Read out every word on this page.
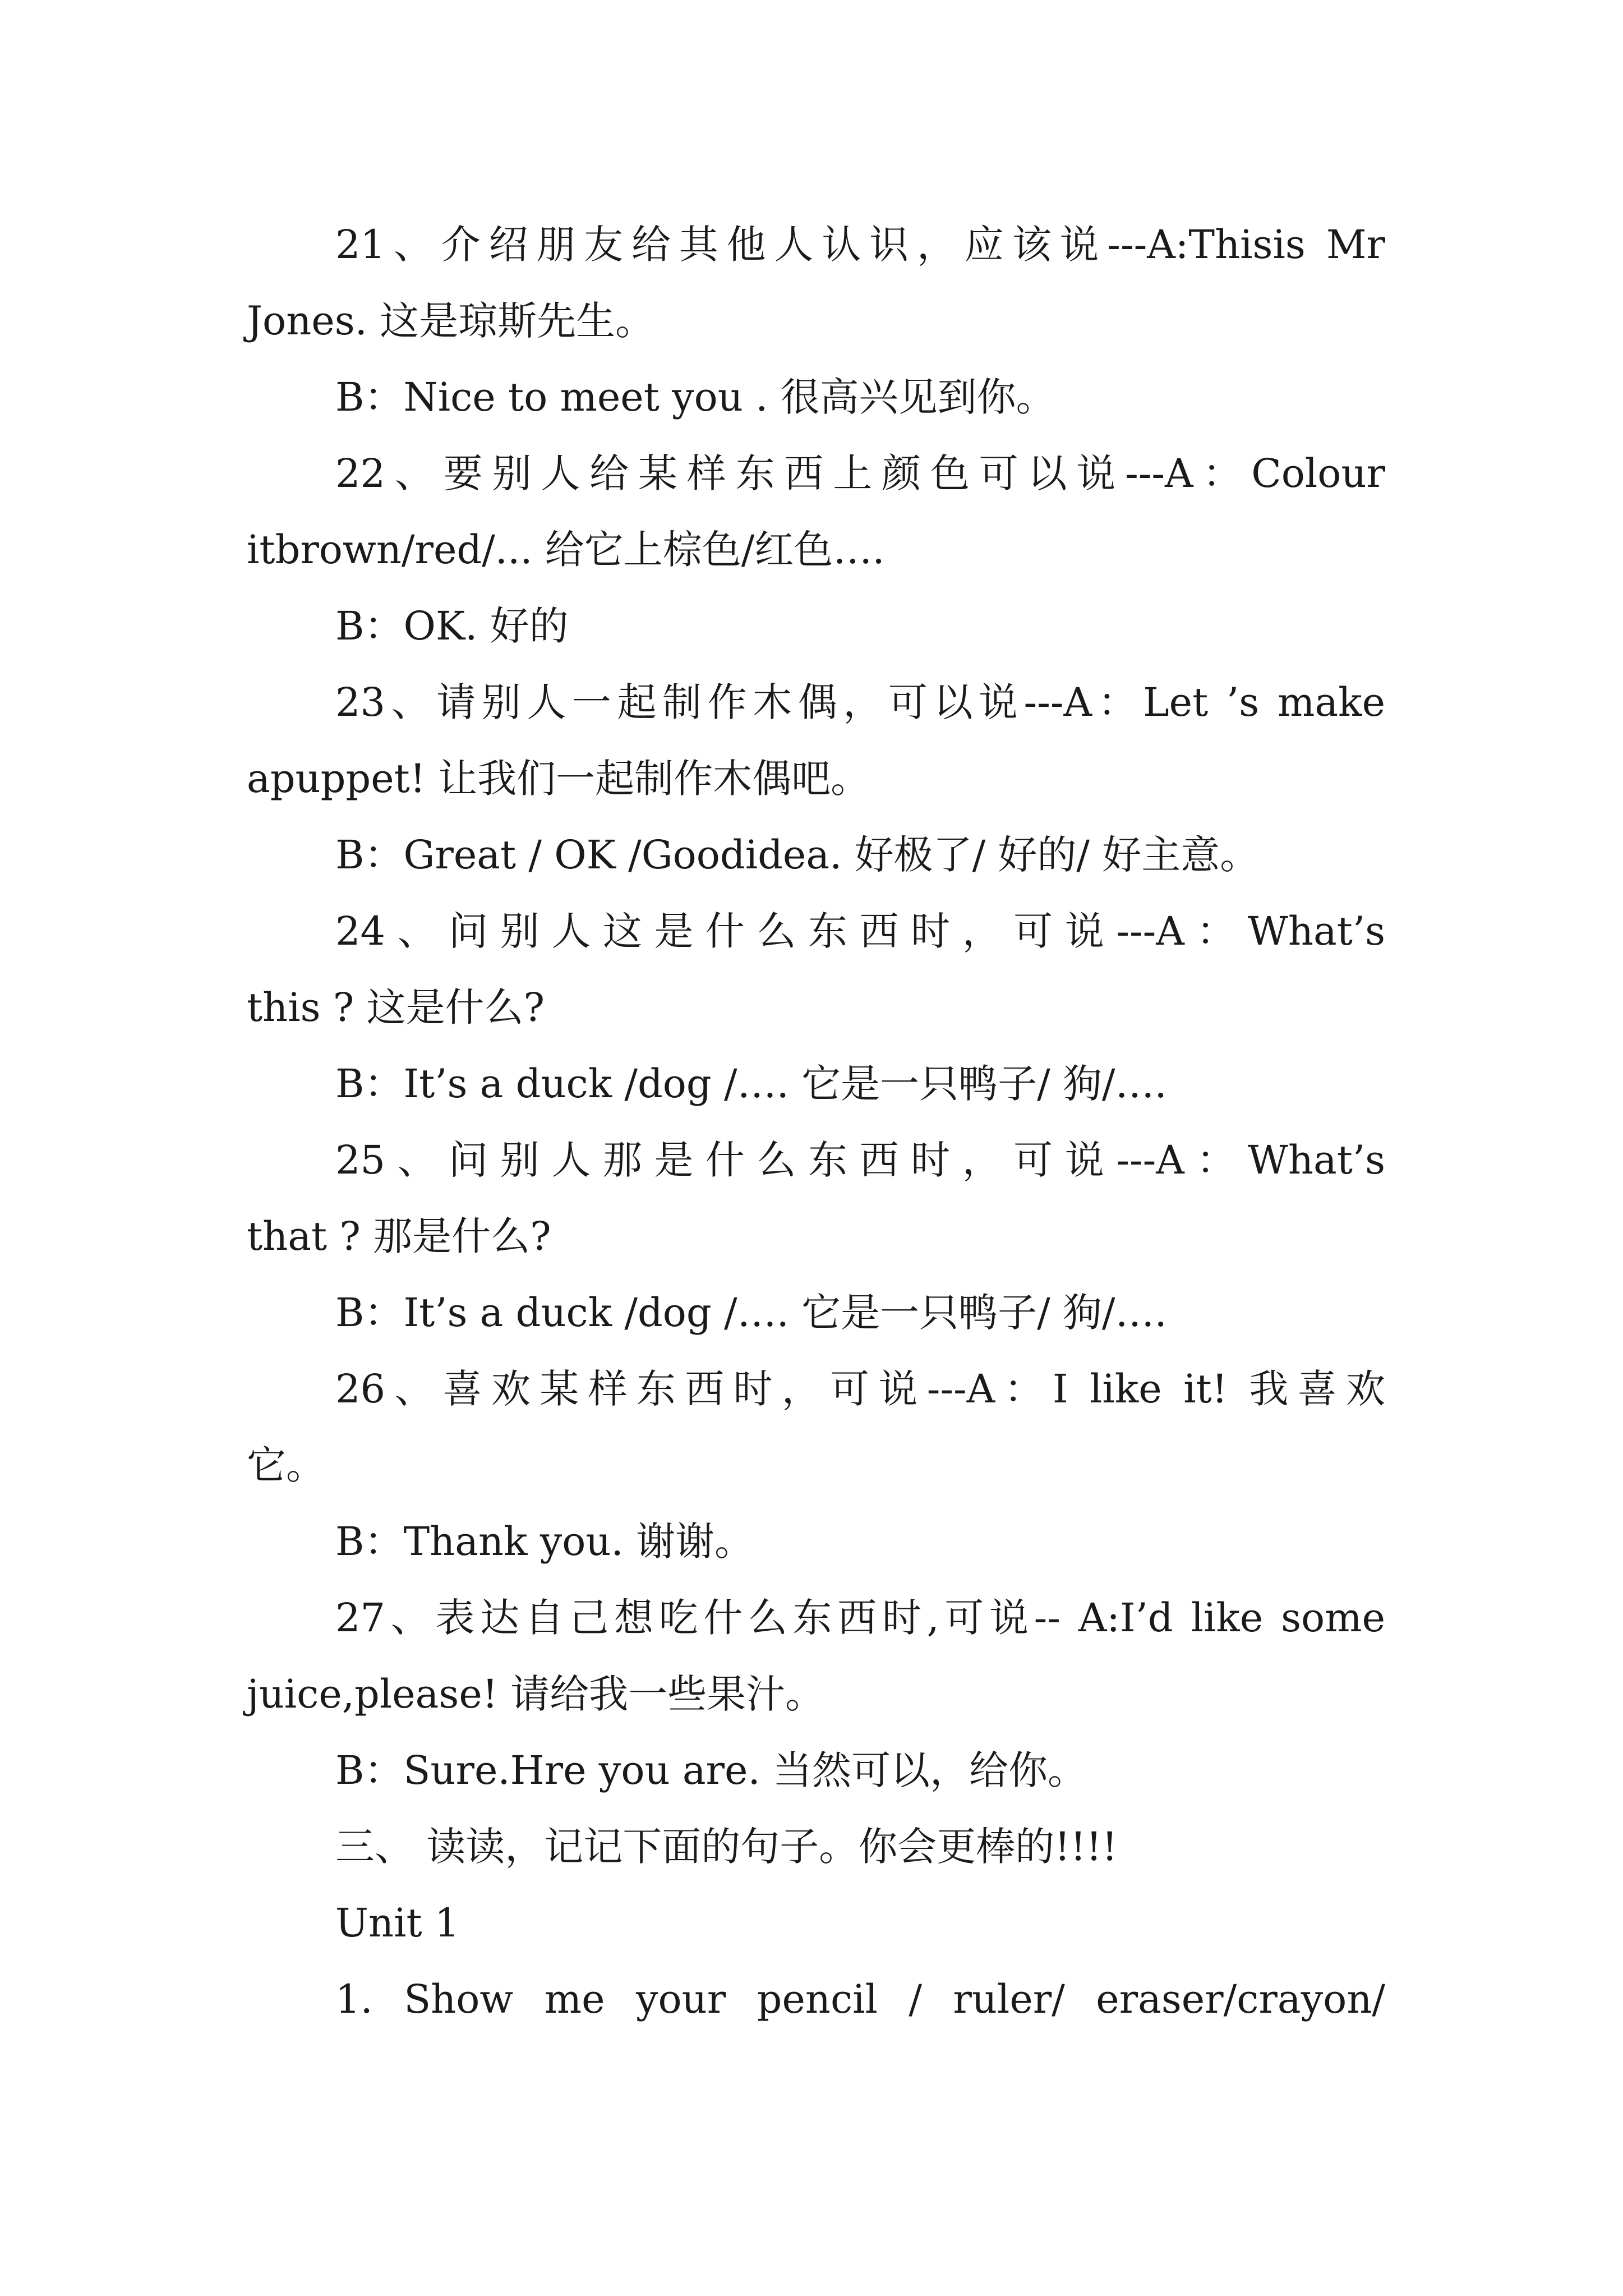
21、介绍朋友给其他人认识，应该说---A:Thisis Mr
Jones. 这是琼斯先生。
B：Nice to meet you . 很高兴见到你。
22、要别人给某样东西上颜色可以说---A：Colour
itbrown/red/... 给它上棕色/红色….
B：OK. 好的
23、请别人一起制作木偶，可以说---A：Let ’s make
apuppet! 让我们一起制作木偶吧。
B：Great / OK /Goodidea. 好极了/ 好的/ 好主意。
24、问别人这是什么东西时，可说---A：What’s
this ? 这是什么?
B：It’s a duck /dog /…. 它是一只鸭子/ 狗/….
25、问别人那是什么东西时，可说---A：What’s
that ? 那是什么?
B：It’s a duck /dog /…. 它是一只鸭子/ 狗/….
26、喜欢某样东西时，可说---A：I like it! 我喜欢
它。
B：Thank you. 谢谢。
27、表达自己想吃什么东西时,可说-- A:I’d like some
juice,please! 请给我一些果汁。
B：Sure.Hre you are. 当然可以，给你。
三、 读读，记记下面的句子。你会更棒的!!!!
Unit 1
1. Show me your pencil / ruler/ eraser/crayon/
